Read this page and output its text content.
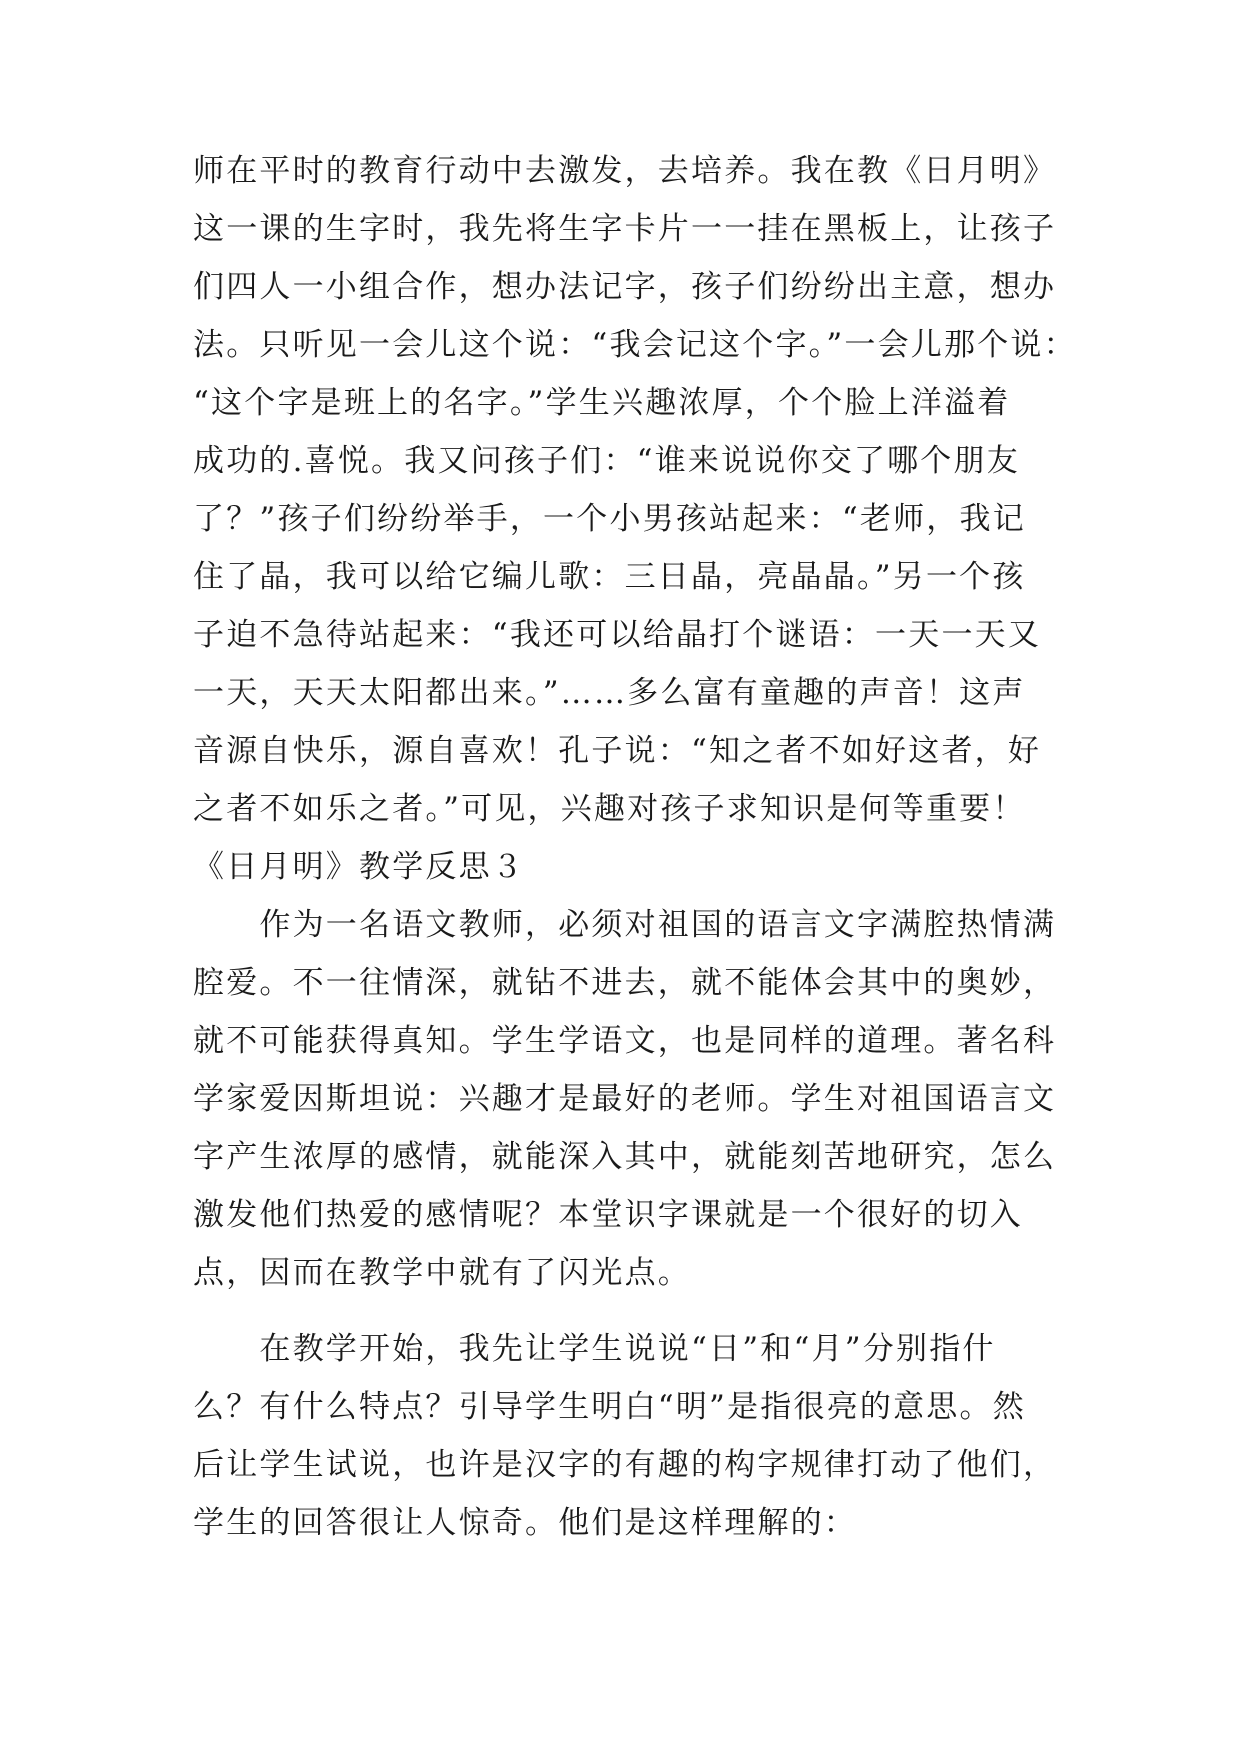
师在平时的教育行动中去激发，去培养。我在教《日月明》
这一课的生字时，我先将生字卡片一一挂在黑板上，让孩子
们四人一小组合作，想办法记字，孩子们纷纷出主意，想办
法。只听见一会儿这个说：“我会记这个字。”一会儿那个说：
“这个字是班上的名字。”学生兴趣浓厚，个个脸上洋溢着
成功的.喜悦。我又问孩子们：“谁来说说你交了哪个朋友
了？”孩子们纷纷举手，一个小男孩站起来：“老师，我记
住了晶，我可以给它编儿歌：三日晶，亮晶晶。”另一个孩
子迫不急待站起来：“我还可以给晶打个谜语：一天一天又
一天，天天太阳都出来。”……多么富有童趣的声音！这声
音源自快乐，源自喜欢！孔子说：“知之者不如好这者，好
之者不如乐之者。”可见，兴趣对孩子求知识是何等重要！
《日月明》教学反思３
　　作为一名语文教师，必须对祖国的语言文字满腔热情满
腔爱。不一往情深，就钻不进去，就不能体会其中的奥妙，
就不可能获得真知。学生学语文，也是同样的道理。著名科
学家爱因斯坦说：兴趣才是最好的老师。学生对祖国语言文
字产生浓厚的感情，就能深入其中，就能刻苦地研究，怎么
激发他们热爱的感情呢？本堂识字课就是一个很好的切入
点，因而在教学中就有了闪光点。
　　在教学开始，我先让学生说说“日”和“月”分别指什
么？有什么特点？引导学生明白“明”是指很亮的意思。然
后让学生试说，也许是汉字的有趣的构字规律打动了他们，
学生的回答很让人惊奇。他们是这样理解的：
